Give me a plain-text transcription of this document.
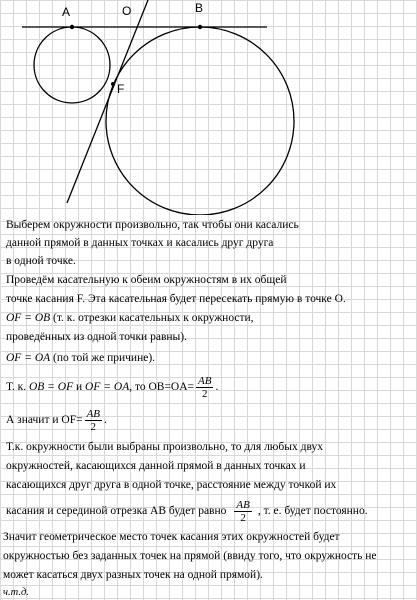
A	O	B
F
Выберем окружности произвольно, так чтобы они касались
данной прямой в данных точках и касались друг друга
в одной точке.
Проведём касательную к обеим окружностям в их общей
точке касания F. Эта касательная будет пересекать прямую в точке О.
OF = OB (т. к. отрезки касательных к окружности,
проведённых из одной точки равны).
OF = OA (по той же причине).
Т. к. OB = OF и OF = OA, то $OB=OA= \frac{AB}{2}$ .
А значит и $OF= \frac{AB}{2}$ .
Т.к. окружности были выбраны произвольно, то для любых двух
окружностей, касающихся данной прямой в данных точках и
касающихся друг друга в одной точке, расстояние между точкой их
касания и серединой отрезка АВ будет равно $\frac{AB}{2}$ , т. е. будет постоянно.
Значит геометрическое место точек касания этих окружностей будет
окружностью без заданных точек на прямой (ввиду того, что окружность не
может касаться двух разных точек на одной прямой).
ч.т.д.
